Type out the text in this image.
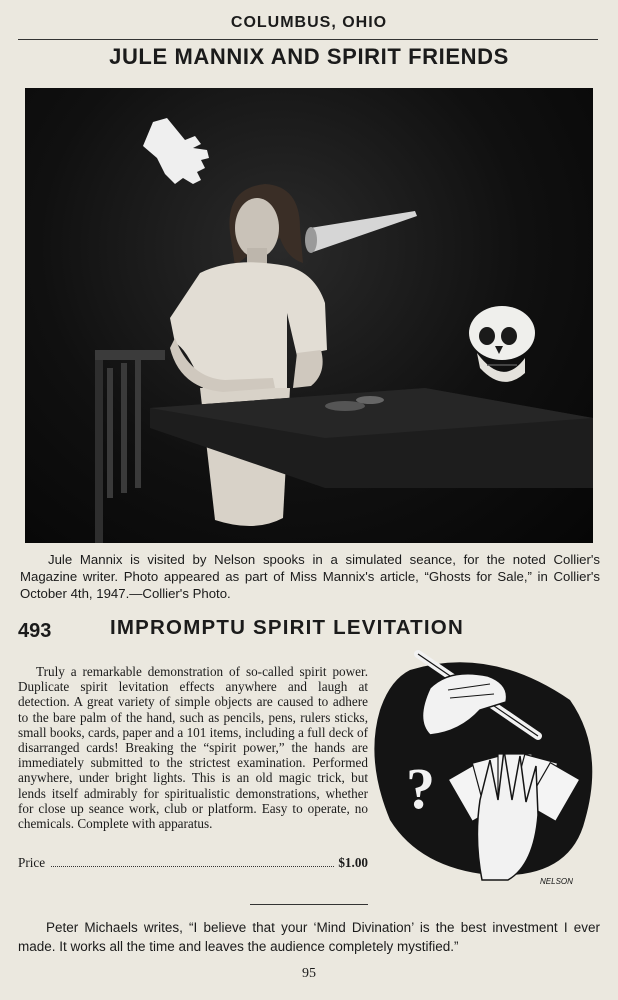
COLUMBUS, OHIO
JULE MANNIX AND SPIRIT FRIENDS
Jule Mannix is visited by Nelson spooks in a simulated seance, for the noted Collier's Magazine writer. Photo appeared as part of Miss Mannix's article, “Ghosts for Sale,” in Collier's October 4th, 1947.—Collier's Photo.
493	IMPROMPTU SPIRIT LEVITATION
Truly a remarkable demonstration of so-called spirit power. Duplicate spirit levitation effects anywhere and laugh at detection. A great variety of simple objects are caused to adhere to the bare palm of the hand, such as pencils, pens, rulers sticks, small books, cards, paper and a 101 items, including a full deck of disarranged cards! Breaking the “spirit power,” the hands are immediately submitted to the strictest examination. Performed anywhere, under bright lights. This is an old magic trick, but lends itself admirably for spiritualistic demonstrations, whether for close up seance work, club or platform. Easy to operate, no chemicals. Complete with apparatus.
Price	$1.00
?
NELSON
Peter Michaels writes, “I believe that your ‘Mind Divination’ is the best investment I ever made. It works all the time and leaves the audience completely mystified.”
95
